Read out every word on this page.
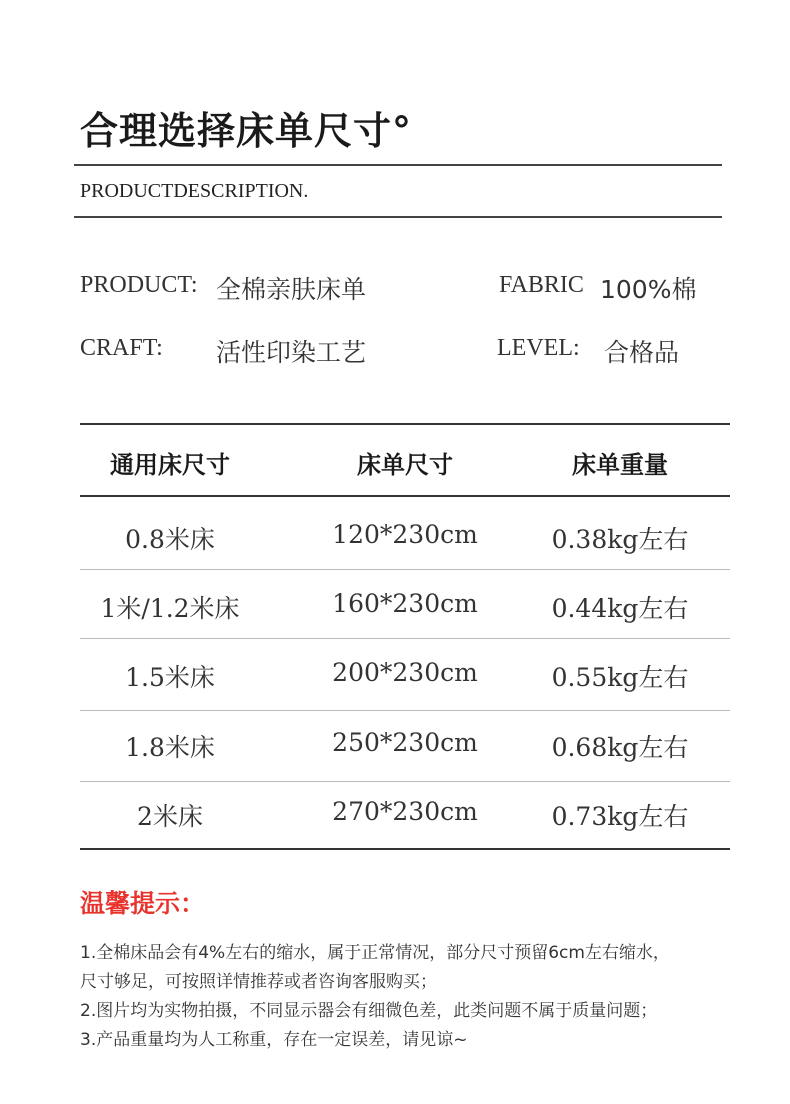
合理选择床单尺寸°
PRODUCTDESCRIPTION.
PRODUCT: 全棉亲肤床单	FABRIC 100%棉
CRAFT: 活性印染工艺	LEVEL: 合格品
通用床尺寸	床单尺寸	床单重量
0.8米床	120*230cm	0.38kg左右
1米/1.2米床	160*230cm	0.44kg左右
1.5米床	200*230cm	0.55kg左右
1.8米床	250*230cm	0.68kg左右
2米床	270*230cm	0.73kg左右
温馨提示：
1.全棉床品会有4%左右的缩水，属于正常情况，部分尺寸预留6cm左右缩水，
尺寸够足，可按照详情推荐或者咨询客服购买；
2.图片均为实物拍摄，不同显示器会有细微色差，此类问题不属于质量问题；
3.产品重量均为人工称重，存在一定误差，请见谅~
